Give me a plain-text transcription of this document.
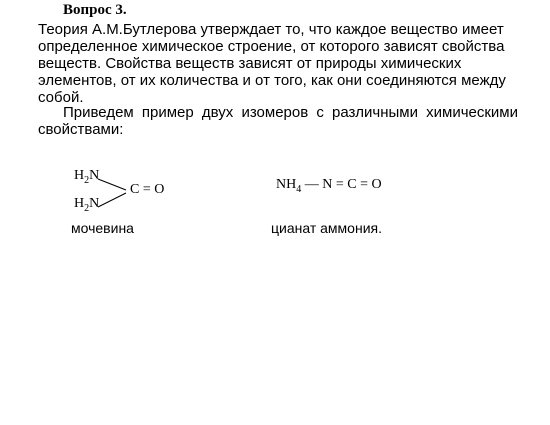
Вопрос 3.
Теория А.М.Бутлерова утверждает то, что каждое вещество имеет
определенное химическое строение, от которого зависят свойства
веществ. Свойства веществ зависят от природы химических
элементов, от их количества и от того, как они соединяются между
собой.
Приведем пример двух изомеров с различными химическими
свойствами:
$H_2N$
$H_2N$
C = O	$NH_4$ — N = C = O
мочевина	цианат аммония.
